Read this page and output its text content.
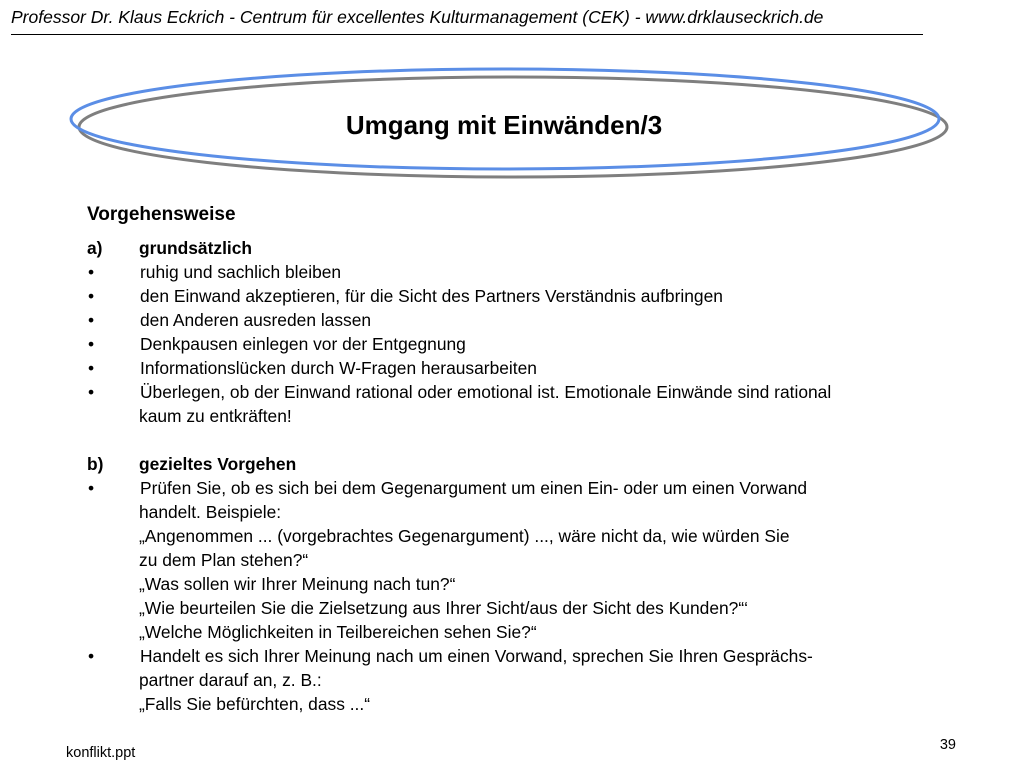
Professor Dr. Klaus Eckrich - Centrum für excellentes Kulturmanagement (CEK) - www.drklauseckrich.de
Umgang mit Einwänden/3
Vorgehensweise
a)	grundsätzlich
•	ruhig und sachlich bleiben
•	den Einwand akzeptieren, für die Sicht des Partners Verständnis aufbringen
•	den Anderen ausreden lassen
•	Denkpausen einlegen vor der Entgegnung
•	Informationslücken durch W-Fragen herausarbeiten
•	Überlegen, ob der Einwand rational oder emotional ist. Emotionale Einwände sind rational
kaum zu entkräften!
b)	gezieltes Vorgehen
•	Prüfen Sie, ob es sich bei dem Gegenargument um einen Ein- oder um einen Vorwand
handelt. Beispiele:
„Angenommen ... (vorgebrachtes Gegenargument) ..., wäre nicht da, wie würden Sie
zu dem Plan stehen?“
„Was sollen wir Ihrer Meinung nach tun?“
„Wie beurteilen Sie die Zielsetzung aus Ihrer Sicht/aus der Sicht des Kunden?“‘
„Welche Möglichkeiten in Teilbereichen sehen Sie?“
•	Handelt es sich Ihrer Meinung nach um einen Vorwand, sprechen Sie Ihren Gesprächs-
partner darauf an, z. B.:
„Falls Sie befürchten, dass ...“
konflikt.ppt	39
